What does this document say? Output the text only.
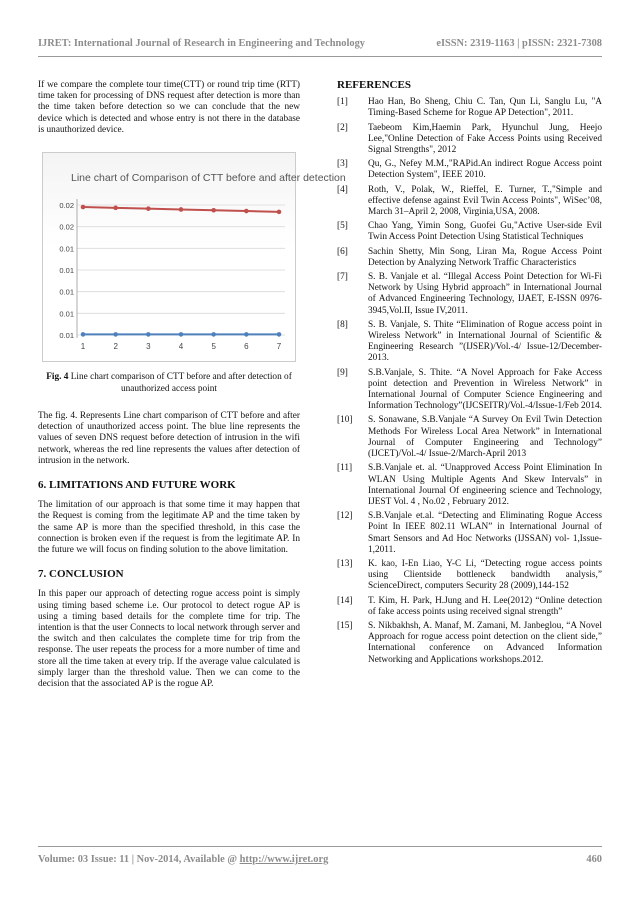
IJRET: International Journal of Research in Engineering and Technology	eISSN: 2319-1163 | pISSN: 2321-7308

If we compare the complete tour time(CTT) or round trip time (RTT) time taken for processing of DNS request after detection is more than the time taken before detection so we can conclude that the new device which is detected and whose entry is not there in the database is unauthorized device.

Line chart of Comparison of CTT before and after detection
0.02
0.02
0.01
0.01
0.01
0.01
0.01
1	2	3	4	5	6	7

Fig. 4 Line chart comparison of CTT before and after detection of unauthorized access point

The fig. 4. Represents Line chart comparison of CTT before and after detection of unauthorized access point. The blue line represents the values of seven DNS request before detection of intrusion in the wifi network, whereas the red line represents the values after detection of intrusion in the network.

6. LIMITATIONS AND FUTURE WORK

The limitation of our approach is that some time it may happen that the Request is coming from the legitimate AP and the time taken by the same AP is more than the specified threshold, in this case the connection is broken even if the request is from the legitimate AP. In the future we will focus on finding solution to the above limitation.

7. CONCLUSION

In this paper our approach of detecting rogue access point is simply using timing based scheme i.e. Our protocol to detect rogue AP is using a timing based details for the complete time for trip. The intention is that the user Connects to local network through server and the switch and then calculates the complete time for trip from the response. The user repeats the process for a more number of time and store all the time taken at every trip. If the average value calculated is simply larger than the threshold value. Then we can come to the decision that the associated AP is the rogue AP.

REFERENCES
[1]	Hao Han, Bo Sheng, Chiu C. Tan, Qun Li, Sanglu Lu, "A Timing-Based Scheme for Rogue AP Detection", 2011.
[2]	Taebeom Kim,Haemin Park, Hyunchul Jung, Heejo Lee,"Online Detection of Fake Access Points using Received Signal Strengths", 2012
[3]	Qu, G., Nefey M.M.,"RAPid.An indirect Rogue Access point Detection System", IEEE 2010.
[4]	Roth, V., Polak, W., Rieffel, E. Turner, T.,"Simple and effective defense against Evil Twin Access Points", WiSec’08, March 31–April 2, 2008, Virginia,USA, 2008.
[5]	Chao Yang, Yimin Song, Guofei Gu,"Active User-side Evil Twin Access Point Detection Using Statistical Techniques
[6]	Sachin Shetty, Min Song, Liran Ma, Rogue Access Point Detection by Analyzing Network Traffic Characteristics
[7]	S. B. Vanjale et al. “Illegal Access Point Detection for Wi-Fi Network by Using Hybrid approach” in International Journal of Advanced Engineering Technology, IJAET, E-ISSN 0976-3945,Vol.II, Issue IV,2011.
[8]	S. B. Vanjale, S. Thite “Elimination of Rogue access point in Wireless Network” in International Journal of Scientific & Engineering Research ”(IJSER)/Vol.-4/ Issue-12/December-2013.
[9]	S.B.Vanjale, S. Thite. “A Novel Approach for Fake Access point detection and Prevention in Wireless Network” in International Journal of Computer Science Engineering and Information Technology”(IJCSEITR)/Vol.-4/Issue-1/Feb 2014.
[10]	S. Sonawane, S.B.Vanjale “A Survey On Evil Twin Detection Methods For Wireless Local Area Network” in International Journal of Computer Engineering and Technology” (IJCET)/Vol.-4/ Issue-2/March-April 2013
[11]	S.B.Vanjale et. al. “Unapproved Access Point Elimination In WLAN Using Multiple Agents And Skew Intervals” in International Journal Of engineering science and Technology, IJEST Vol. 4 , No.02 , February 2012.
[12]	S.B.Vanjale et.al. “Detecting and Eliminating Rogue Access Point In IEEE 802.11 WLAN” in International Journal of Smart Sensors and Ad Hoc Networks (IJSSAN) vol- 1,Issue-1,2011.
[13]	K. kao, I-En Liao, Y-C Li, “Detecting rogue access points using Clientside bottleneck bandwidth analysis,” ScienceDirect, computers Security 28 (2009),144-152
[14]	T. Kim, H. Park, H.Jung and H. Lee(2012) “Online detection of fake access points using received signal strength”
[15]	S. Nikbakhsh, A. Manaf, M. Zamani, M. Janbeglou, “A Novel Approach for rogue access point detection on the client side,” International conference on Advanced Information Networking and Applications workshops.2012.
Volume: 03 Issue: 11 | Nov-2014, Available @ http://www.ijret.org	460
